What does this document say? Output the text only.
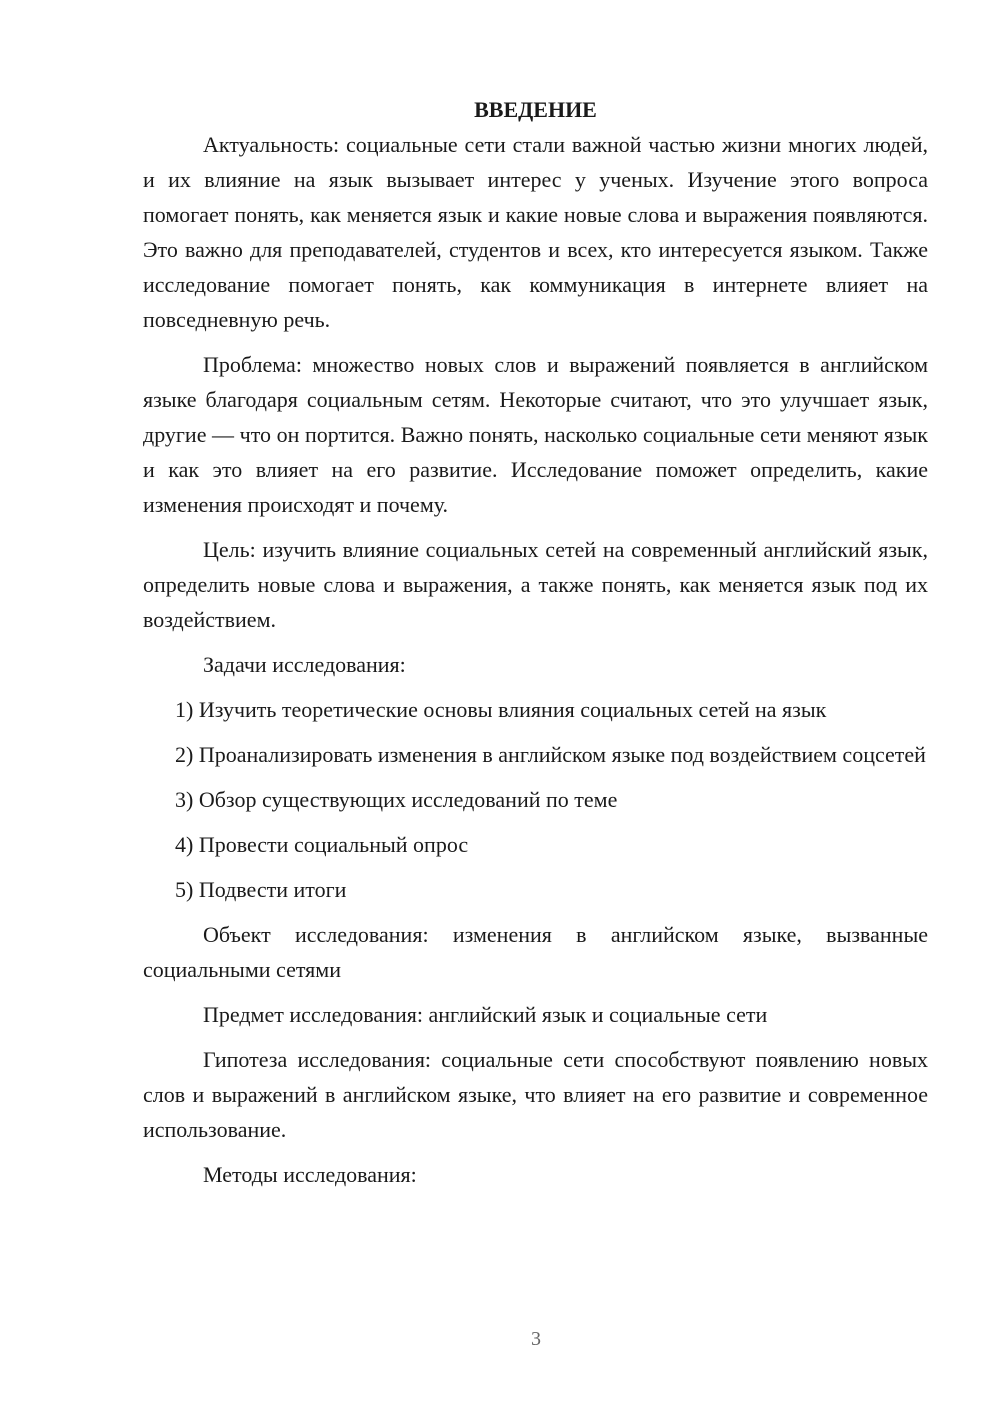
ВВЕДЕНИЕ

Актуальность: социальные сети стали важной частью жизни многих людей, и их влияние на язык вызывает интерес у ученых. Изучение этого вопроса помогает понять, как меняется язык и какие новые слова и выражения появляются. Это важно для преподавателей, студентов и всех, кто интересуется языком. Также исследование помогает понять, как коммуникация в интернете влияет на повседневную речь.

Проблема: множество новых слов и выражений появляется в английском языке благодаря социальным сетям. Некоторые считают, что это улучшает язык, другие — что он портится. Важно понять, насколько социальные сети меняют язык и как это влияет на его развитие. Исследование поможет определить, какие изменения происходят и почему.

Цель: изучить влияние социальных сетей на современный английский язык, определить новые слова и выражения, а также понять, как меняется язык под их воздействием.

Задачи исследования:

1) Изучить теоретические основы влияния социальных сетей на язык

2) Проанализировать изменения в английском языке под воздействием соцсетей

3) Обзор существующих исследований по теме

4) Провести социальный опрос

5) Подвести итоги

Объект исследования: изменения в английском языке, вызванные социальными сетями

Предмет исследования: английский язык и социальные сети

Гипотеза исследования: социальные сети способствуют появлению новых слов и выражений в английском языке, что влияет на его развитие и современное использование.

Методы исследования:

3
